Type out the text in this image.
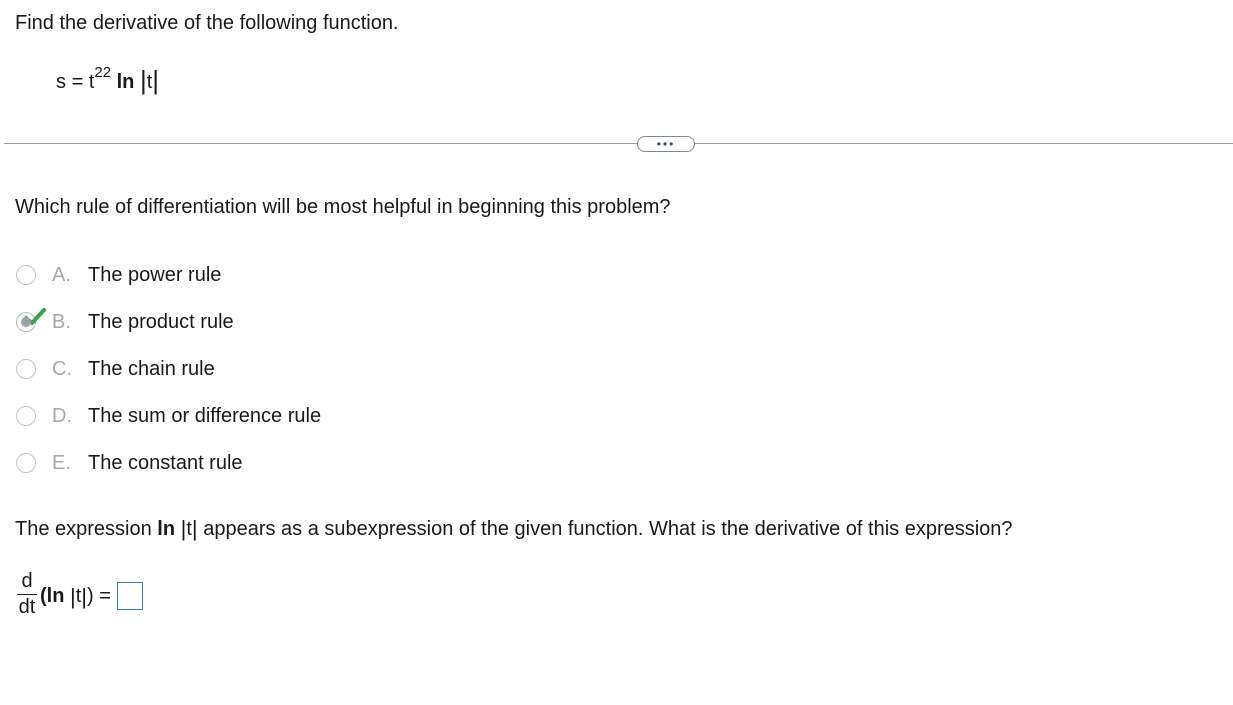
Find the derivative of the following function.
$s = t^{22}$ ln |t|
•••
Which rule of differentiation will be most helpful in beginning this problem?
A. The power rule
B. The product rule
C. The chain rule
D. The sum or difference rule
E. The constant rule
The expression ln |t| appears as a subexpression of the given function. What is the derivative of this expression?
d
dt
( ln
| t | )
=
